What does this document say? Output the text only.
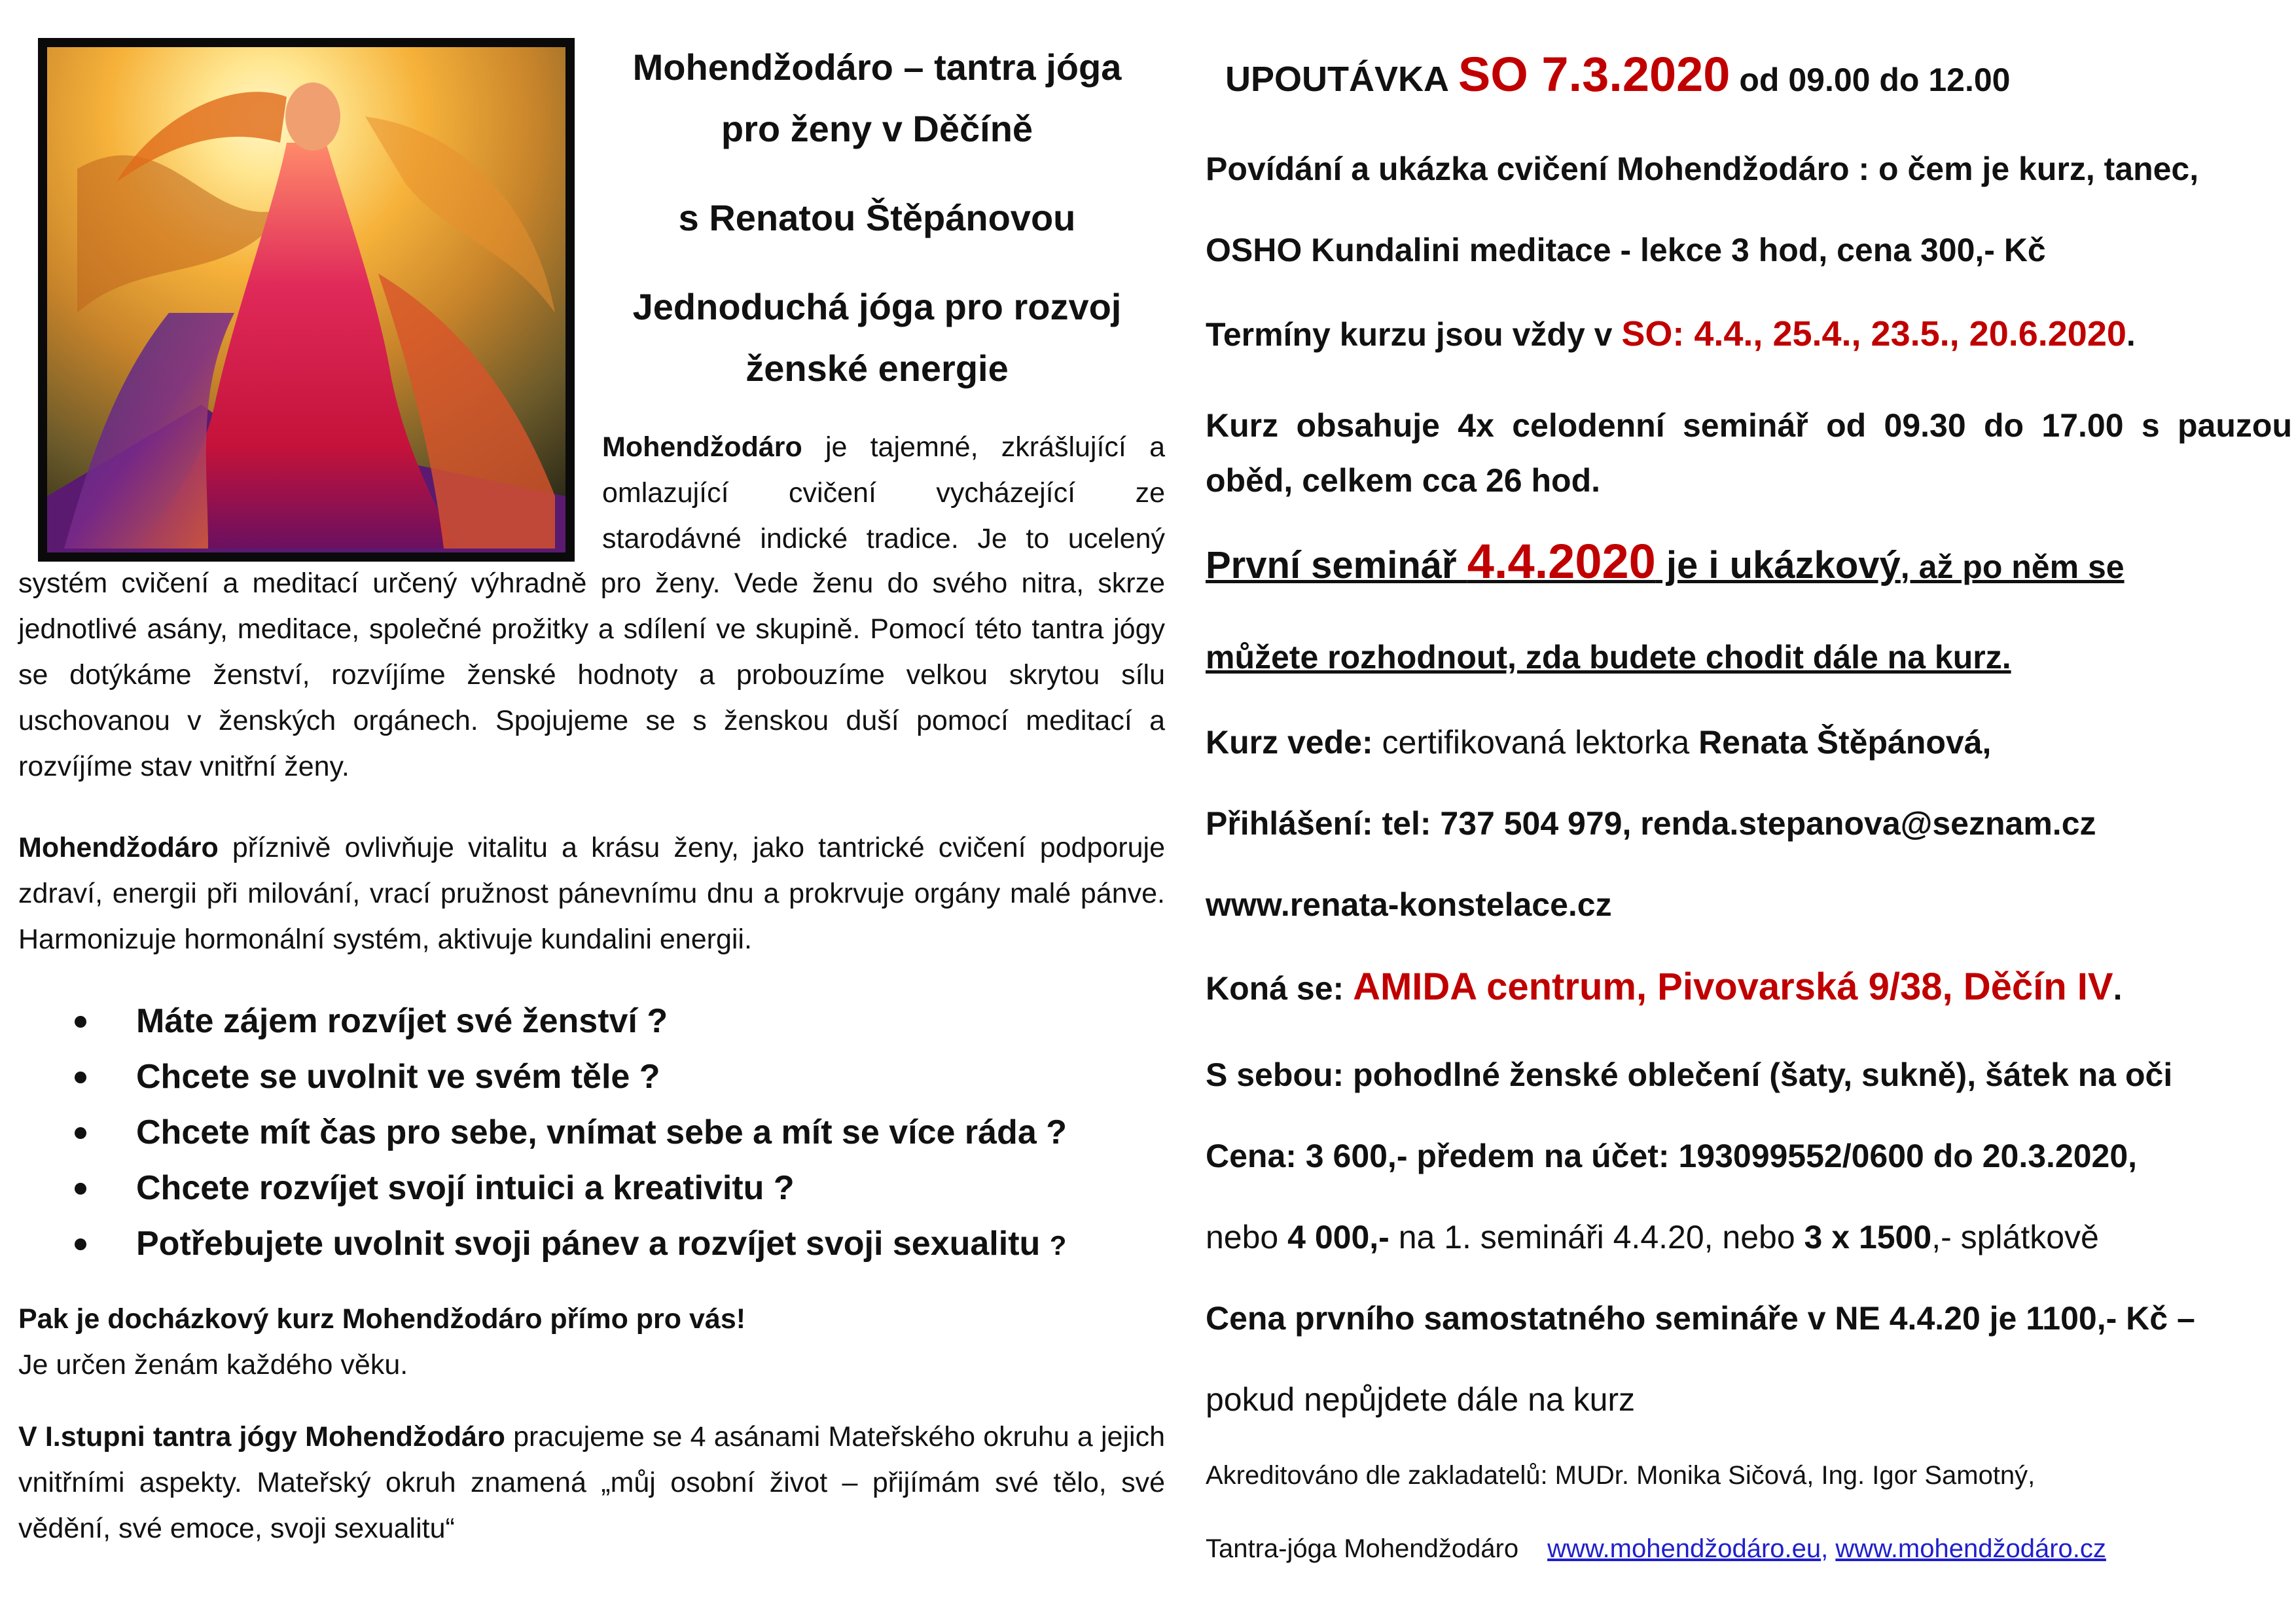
Mohendžodáro – tantra jóga
pro ženy v Děčíně
s Renatou Štěpánovou
Jednoduchá jóga pro rozvoj
ženské energie
Mohendžodáro je tajemné, zkrášlující a
omlazující cvičení vycházející ze
starodávné indické tradice. Je to ucelený
systém cvičení a meditací určený výhradně pro ženy. Vede ženu do svého nitra, skrze jednotlivé asány, meditace, společné prožitky a sdílení ve skupině. Pomocí této tantra jógy se dotýkáme ženství, rozvíjíme ženské hodnoty a probouzíme velkou skrytou sílu uschovanou v ženských orgánech. Spojujeme se s ženskou duší pomocí meditací a rozvíjíme stav vnitřní ženy.
Mohendžodáro příznivě ovlivňuje vitalitu a krásu ženy, jako tantrické cvičení podporuje zdraví, energii při milování, vrací pružnost pánevnímu dnu a prokrvuje orgány malé pánve. Harmonizuje hormonální systém, aktivuje kundalini energii.
Máte zájem rozvíjet své ženství ?
Chcete se uvolnit ve svém těle ?
Chcete mít čas pro sebe, vnímat sebe a mít se více ráda ?
Chcete rozvíjet svojí intuici a kreativitu ?
Potřebujete uvolnit svoji pánev a rozvíjet svoji sexualitu ?
Pak je docházkový kurz Mohendžodáro přímo pro vás!
Je určen ženám každého věku.
V I.stupni tantra jógy Mohendžodáro pracujeme se 4 asánami Mateřského okruhu a jejich vnitřními aspekty. Mateřský okruh znamená „můj osobní život – přijímám své tělo, své vědění, své emoce, svoji sexualitu“
UPOUTÁVKA SO 7.3.2020 od 09.00 do 12.00
Povídání a ukázka cvičení Mohendžodáro : o čem je kurz, tanec,
OSHO Kundalini meditace - lekce 3 hod, cena 300,- Kč
Termíny kurzu jsou vždy v SO: 4.4., 25.4., 23.5., 20.6.2020.
Kurz obsahuje 4x celodenní seminář od 09.30 do 17.00 s pauzou oběd, celkem cca 26 hod.
První seminář 4.4.2020 je i ukázkový, až po něm se
můžete rozhodnout, zda budete chodit dále na kurz.
Kurz vede: certifikovaná lektorka Renata Štěpánová,
Přihlášení: tel: 737 504 979, renda.stepanova@seznam.cz
www.renata-konstelace.cz
Koná se: AMIDA centrum, Pivovarská 9/38, Děčín IV.
S sebou: pohodlné ženské oblečení (šaty, sukně), šátek na oči
Cena: 3 600,- předem na účet: 193099552/0600 do 20.3.2020,
nebo 4 000,- na 1. semináři 4.4.20, nebo 3 x 1500,- splátkově
Cena prvního samostatného semináře v NE 4.4.20 je 1100,- Kč –
pokud nepůjdete dále na kurz
Akreditováno dle zakladatelů: MUDr. Monika Sičová, Ing. Igor Samotný,
Tantra-jóga Mohendžodáro www.mohendžodáro.eu, www.mohendžodáro.cz
